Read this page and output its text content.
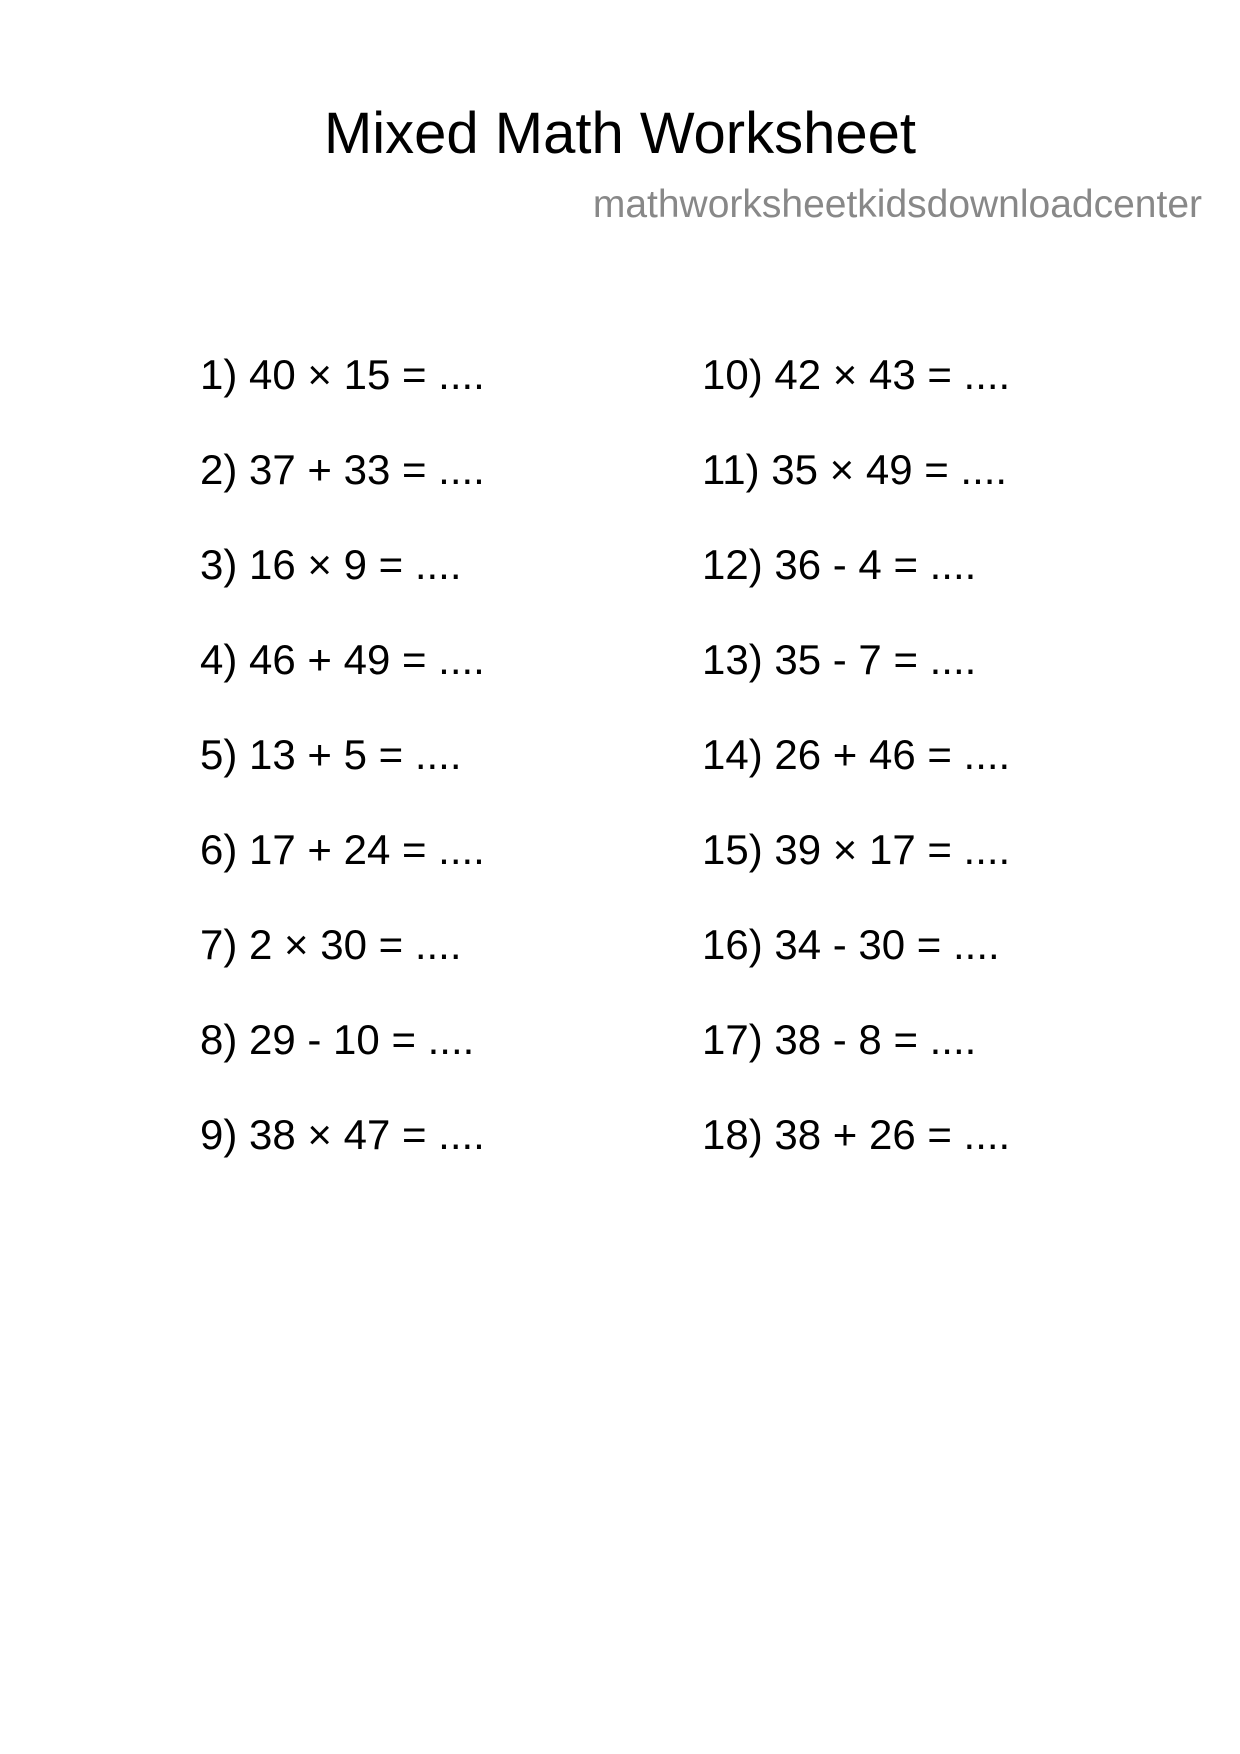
Mixed Math Worksheet
mathworksheetkidsdownloadcenter
1) 40 × 15 = ....
2) 37 + 33 = ....
3) 16 × 9 = ....
4) 46 + 49 = ....
5) 13 + 5 = ....
6) 17 + 24 = ....
7) 2 × 30 = ....
8) 29 - 10 = ....
9) 38 × 47 = ....
10) 42 × 43 = ....
11) 35 × 49 = ....
12) 36 - 4 = ....
13) 35 - 7 = ....
14) 26 + 46 = ....
15) 39 × 17 = ....
16) 34 - 30 = ....
17) 38 - 8 = ....
18) 38 + 26 = ....
